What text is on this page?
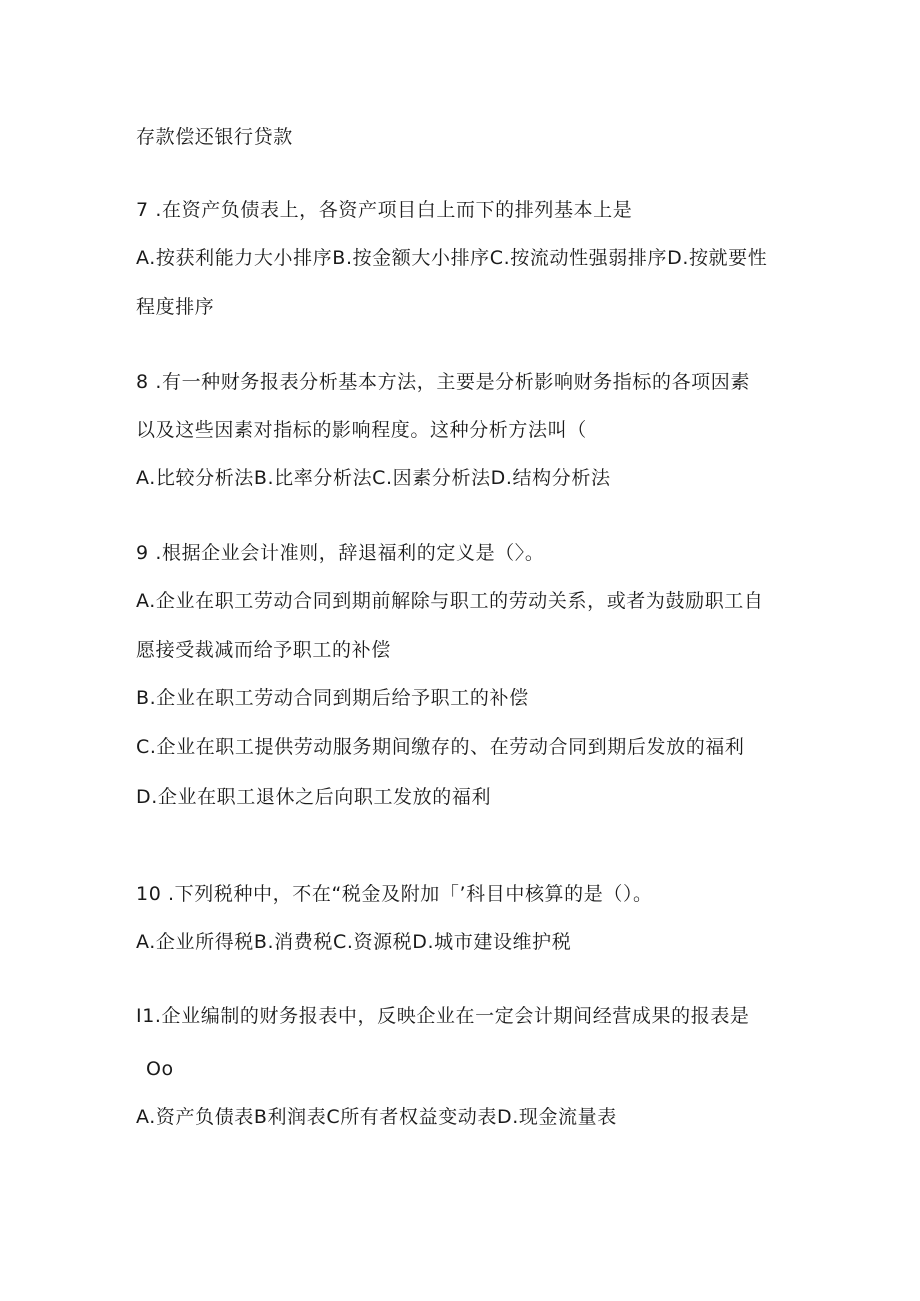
存款偿还银行贷款
7 .在资产负债表上，各资产项目白上而下的排列基本上是
A.按获利能力大小排序B.按金额大小排序C.按流动性强弱排序D.按就要性
程度排序
8 .有一种财务报表分析基本方法，主要是分析影响财务指标的各项因素
以及这些因素对指标的影响程度。这种分析方法叫（
A.比较分析法B.比率分析法C.因素分析法D.结构分析法
9 .根据企业会计准则，辞退福利的定义是（〉。
A.企业在职工劳动合同到期前解除与职工的劳动关系，或者为鼓励职工自
愿接受裁减而给予职工的补偿
B.企业在职工劳动合同到期后给予职工的补偿
C.企业在职工提供劳动服务期间缴存的、在劳动合同到期后发放的福利
D.企业在职工退休之后向职工发放的福利
10 .下列税种中，不在“税金及附加「’科目中核算的是（）。
A.企业所得税B.消费税C.资源税D.城市建设维护税
I1.企业编制的财务报表中，反映企业在一定会计期间经营成果的报表是
Oo
A.资产负债表B利润表C所有者权益变动表D.现金流量表
